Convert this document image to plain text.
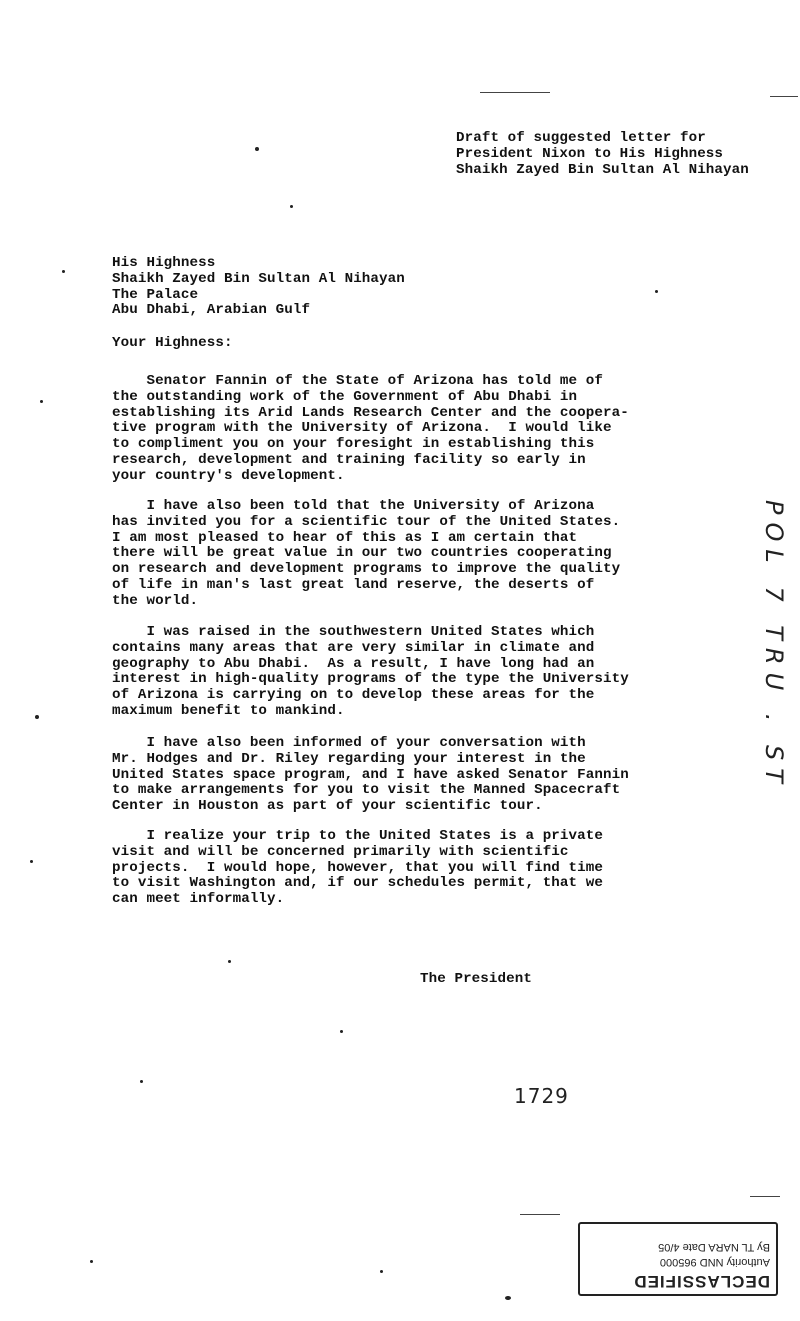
Draft of suggested letter for
President Nixon to His Highness
Shaikh Zayed Bin Sultan Al Nihayan
His Highness
Shaikh Zayed Bin Sultan Al Nihayan
The Palace
Abu Dhabi, Arabian Gulf
Your Highness:
Senator Fannin of the State of Arizona has told me of
the outstanding work of the Government of Abu Dhabi in
establishing its Arid Lands Research Center and the coopera-
tive program with the University of Arizona.  I would like
to compliment you on your foresight in establishing this
research, development and training facility so early in
your country's development.
I have also been told that the University of Arizona
has invited you for a scientific tour of the United States.
I am most pleased to hear of this as I am certain that
there will be great value in our two countries cooperating
on research and development programs to improve the quality
of life in man's last great land reserve, the deserts of
the world.
I was raised in the southwestern United States which
contains many areas that are very similar in climate and
geography to Abu Dhabi.  As a result, I have long had an
interest in high-quality programs of the type the University
of Arizona is carrying on to develop these areas for the
maximum benefit to mankind.
I have also been informed of your conversation with
Mr. Hodges and Dr. Riley regarding your interest in the
United States space program, and I have asked Senator Fannin
to make arrangements for you to visit the Manned Spacecraft
Center in Houston as part of your scientific tour.
I realize your trip to the United States is a private
visit and will be concerned primarily with scientific
projects.  I would hope, however, that you will find time
to visit Washington and, if our schedules permit, that we
can meet informally.
The President
POL 7 TRU . ST
1729
DECLASSIFIED
Authority NND 965000
By TL NARA Date 4/05
